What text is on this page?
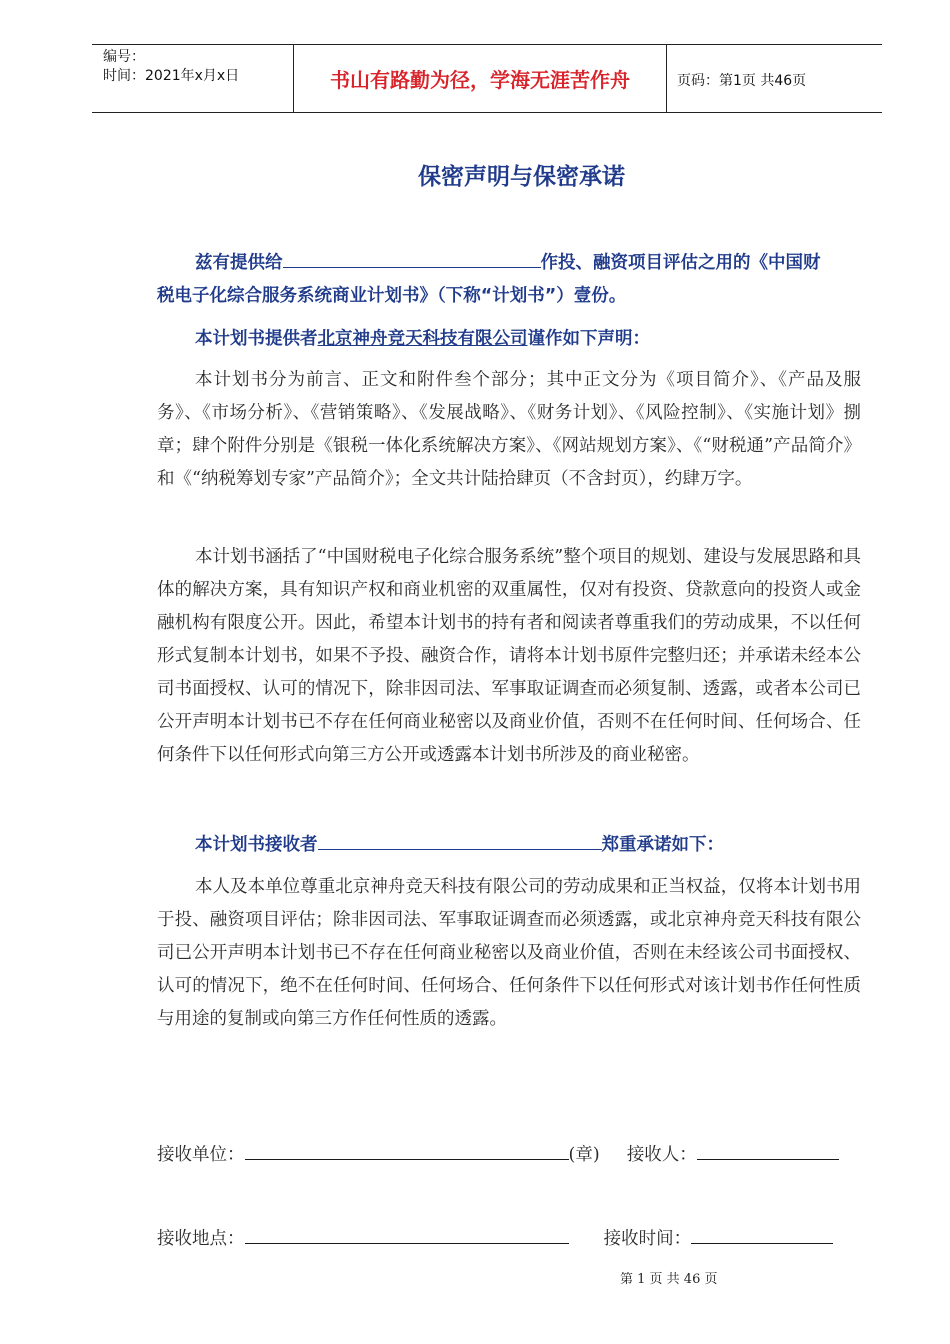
编号：
时间：2021年x月x日	书山有路勤为径，学海无涯苦作舟	页码：第1页 共46页
保密声明与保密承诺
兹有提供给	作投、融资项目评估之用的《中国财
税电子化综合服务系统商业计划书》（下称“计划书”）壹份。
本计划书提供者北京神舟竞天科技有限公司谨作如下声明：
本计划书分为前言、正文和附件叁个部分；其中正文分为《项目简介》、《产品及服务》、《市场分析》、《营销策略》、《发展战略》、《财务计划》、《风险控制》、《实施计划》捌章；肆个附件分别是《银税一体化系统解决方案》、《网站规划方案》、《“财税通”产品简介》和《“纳税筹划专家”产品简介》；全文共计陆拾肆页（不含封页），约肆万字。
本计划书涵括了“中国财税电子化综合服务系统”整个项目的规划、建设与发展思路和具体的解决方案，具有知识产权和商业机密的双重属性，仅对有投资、贷款意向的投资人或金融机构有限度公开。因此，希望本计划书的持有者和阅读者尊重我们的劳动成果，不以任何形式复制本计划书，如果不予投、融资合作，请将本计划书原件完整归还；并承诺未经本公司书面授权、认可的情况下，除非因司法、军事取证调查而必须复制、透露，或者本公司已公开声明本计划书已不存在任何商业秘密以及商业价值，否则不在任何时间、任何场合、任何条件下以任何形式向第三方公开或透露本计划书所涉及的商业秘密。
本计划书接收者	郑重承诺如下：
本人及本单位尊重北京神舟竞天科技有限公司的劳动成果和正当权益，仅将本计划书用于投、融资项目评估；除非因司法、军事取证调查而必须透露，或北京神舟竞天科技有限公司已公开声明本计划书已不存在任何商业秘密以及商业价值，否则在未经该公司书面授权、认可的情况下，绝不在任何时间、任何场合、任何条件下以任何形式对该计划书作任何性质与用途的复制或向第三方作任何性质的透露。
接收单位：	(章) 接收人：
接收地点：	接收时间：
第 1 页 共 46 页
